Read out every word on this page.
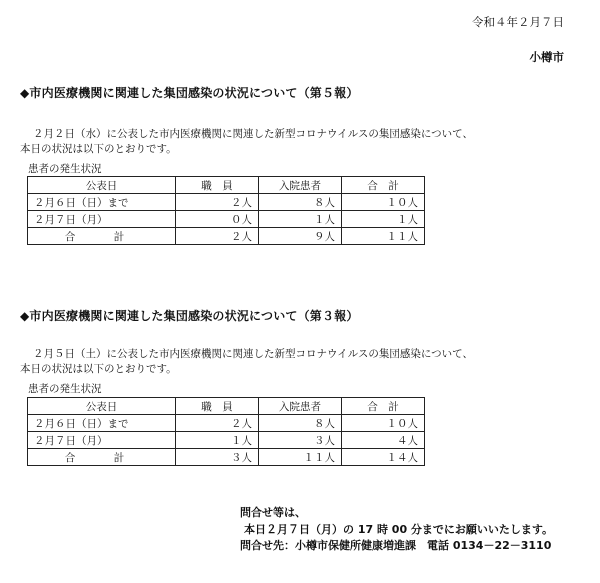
令和４年２月７日
小樽市
◆市内医療機関に関連した集団感染の状況について（第５報）
２月２日（水）に公表した市内医療機関に関連した新型コロナウイルスの集団感染について、
本日の状況は以下のとおりです。
患者の発生状況
公表日	職　員	入院患者	合　計
２月６日（日）まで	２人	８人	１０人
２月７日（月）	０人	１人	１人
合　計	２人	９人	１１人
◆市内医療機関に関連した集団感染の状況について（第３報）
２月５日（土）に公表した市内医療機関に関連した新型コロナウイルスの集団感染について、
本日の状況は以下のとおりです。
患者の発生状況
公表日	職　員	入院患者	合　計
２月６日（日）まで	２人	８人	１０人
２月７日（月）	１人	３人	４人
合　計	３人	１１人	１４人
問合せ等は、
本日２月７日（月）の 17 時 00 分までにお願いいたします。
問合せ先：小樽市保健所健康増進課　電話 0134－22－3110
